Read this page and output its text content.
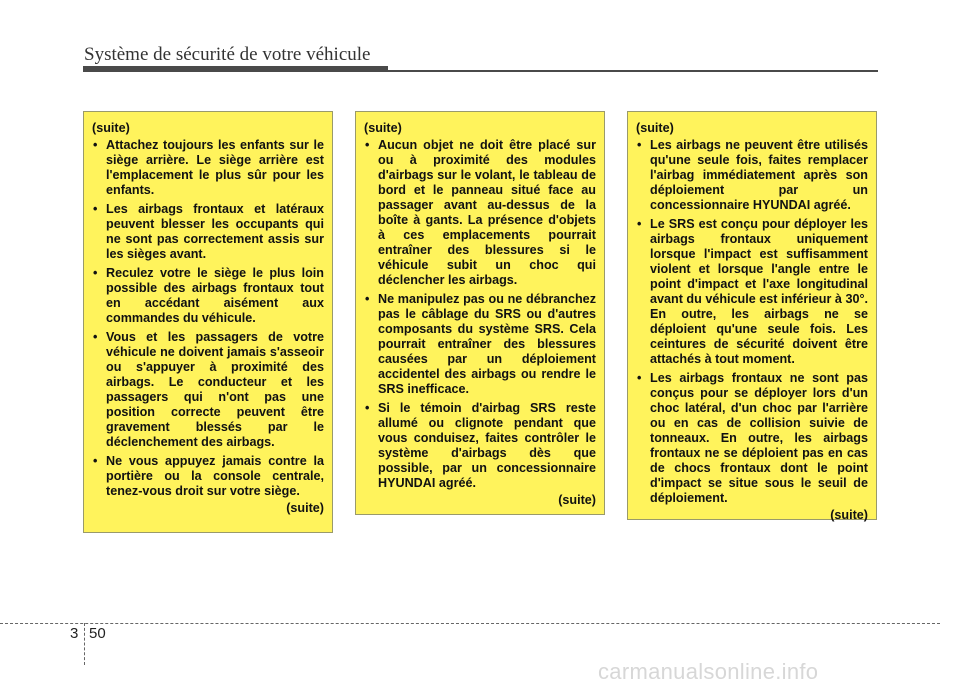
Système de sécurité de votre véhicule
(suite)
• Attachez toujours les enfants sur le siège arrière. Le siège arrière est l'emplacement le plus sûr pour les enfants.
• Les airbags frontaux et latéraux peuvent blesser les occupants qui ne sont pas correctement assis sur les sièges avant.
• Reculez votre le siège le plus loin possible des airbags frontaux tout en accédant aisément aux commandes du véhicule.
• Vous et les passagers de votre véhicule ne doivent jamais s'asseoir ou s'appuyer à proximité des airbags. Le conducteur et les passagers qui n'ont pas une position correcte peuvent être gravement blessés par le déclenchement des airbags.
• Ne vous appuyez jamais contre la portière ou la console centrale, tenez-vous droit sur votre siège.
(suite)
(suite)
• Aucun objet ne doit être placé sur ou à proximité des modules d'airbags sur le volant, le tableau de bord et le panneau situé face au passager avant au-dessus de la boîte à gants. La présence d'objets à ces emplacements pourrait entraîner des blessures si le véhicule subit un choc qui déclencher les airbags.
• Ne manipulez pas ou ne débranchez pas le câblage du SRS ou d'autres composants du système SRS. Cela pourrait entraîner des blessures causées par un déploiement accidentel des airbags ou rendre le SRS inefficace.
• Si le témoin d'airbag SRS reste allumé ou clignote pendant que vous conduisez, faites contrôler le système d'airbags dès que possible, par un concessionnaire HYUNDAI agréé.
(suite)
(suite)
• Les airbags ne peuvent être utilisés qu'une seule fois, faites remplacer l'airbag immédiatement après son déploiement par un concessionnaire HYUNDAI agréé.
• Le SRS est conçu pour déployer les airbags frontaux uniquement lorsque l'impact est suffisamment violent et lorsque l'angle entre le point d'impact et l'axe longitudinal avant du véhicule est inférieur à 30°. En outre, les airbags ne se déploient qu'une seule fois. Les ceintures de sécurité doivent être attachés à tout moment.
• Les airbags frontaux ne sont pas conçus pour se déployer lors d'un choc latéral, d'un choc par l'arrière ou en cas de collision suivie de tonneaux. En outre, les airbags frontaux ne se déploient pas en cas de chocs frontaux dont le point d'impact se situe sous le seuil de déploiement.
(suite)
3 50
carmanualsonline.info
